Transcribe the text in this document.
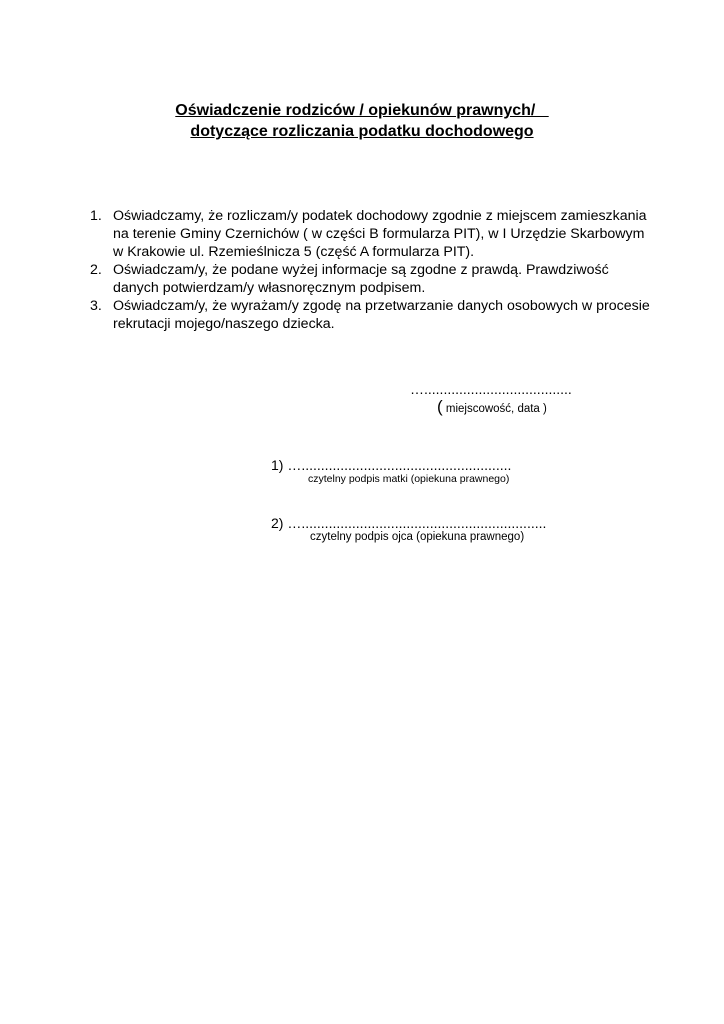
Oświadczenie rodziców / opiekunów prawnych/
dotyczące rozliczania podatku dochodowego
1. Oświadczamy, że rozliczam/y podatek dochodowy zgodnie z miejscem zamieszkania na terenie Gminy Czernichów ( w części B formularza PIT), w I Urzędzie Skarbowym w Krakowie ul. Rzemieślnicza 5 (część A formularza PIT).
2. Oświadczam/y, że podane wyżej informacje są zgodne z prawdą. Prawdziwość danych potwierdzam/y własnoręcznym podpisem.
3. Oświadczam/y, że wyrażam/y zgodę na przetwarzanie danych osobowych w procesie rekrutacji mojego/naszego dziecka.
…......................................
( miejscowość, data )
1) …......................................................
czytelny podpis matki (opiekuna prawnego)
2) …...............................................................
czytelny podpis ojca (opiekuna prawnego)
